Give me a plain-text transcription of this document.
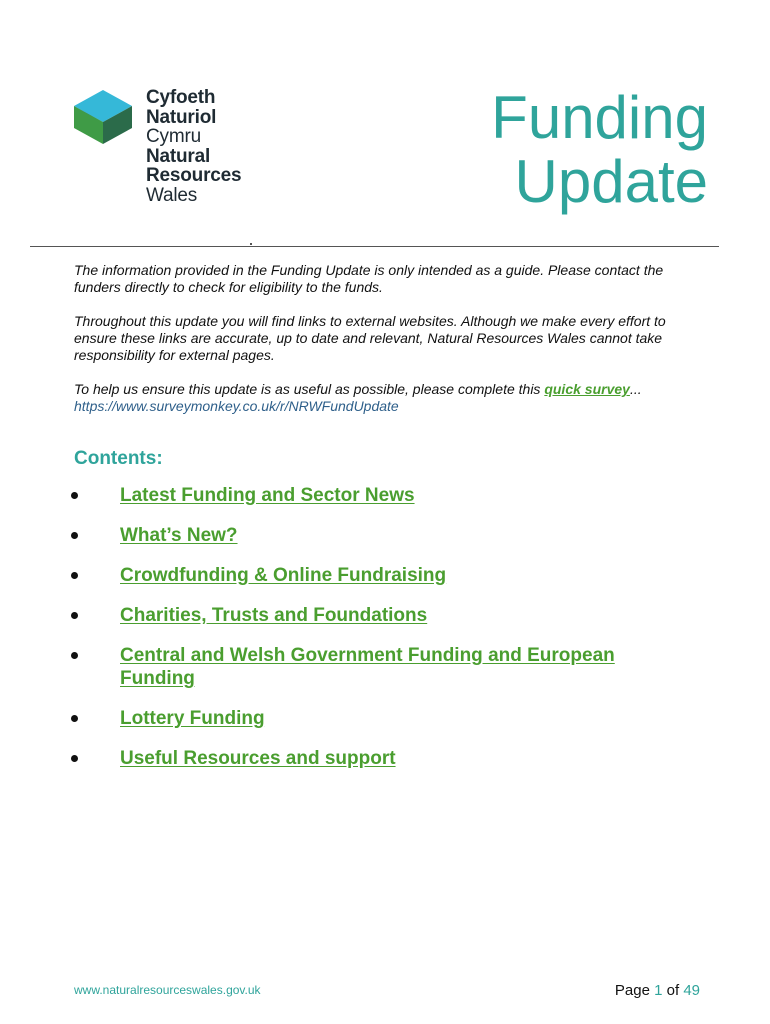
Cyfoeth
Naturiol
Cymru
Natural
Resources
Wales
Funding
Update

The information provided in the Funding Update is only intended as a guide. Please contact the funders directly to check for eligibility to the funds.

Throughout this update you will find links to external websites. Although we make every effort to ensure these links are accurate, up to date and relevant, Natural Resources Wales cannot take responsibility for external pages.

To help us ensure this update is as useful as possible, please complete this quick survey... https://www.surveymonkey.co.uk/r/NRWFundUpdate

Contents:
Latest Funding and Sector News
What’s New?
Crowdfunding & Online Fundraising
Charities, Trusts and Foundations
Central and Welsh Government Funding and European Funding
Lottery Funding
Useful Resources and support
www.naturalresourceswales.gov.uk	Page 1 of 49
